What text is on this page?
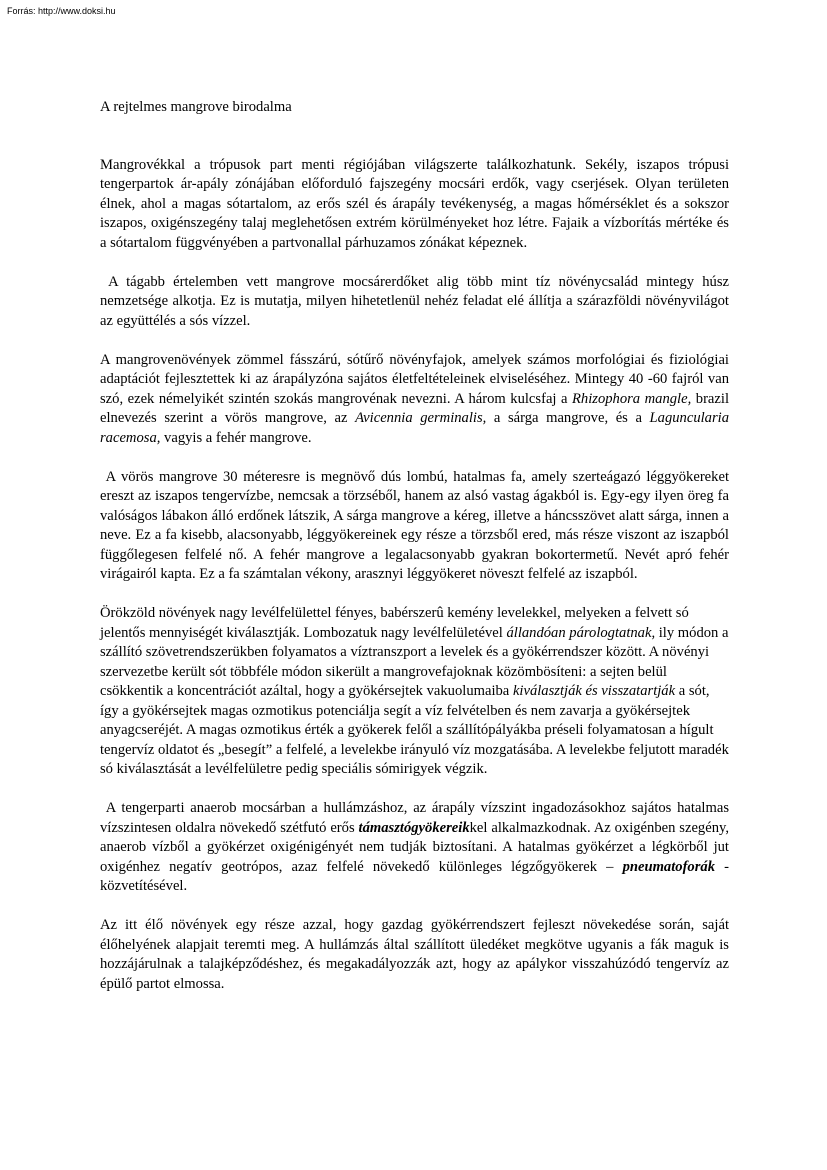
Forrás: http://www.doksi.hu
A rejtelmes mangrove birodalma

Mangrovékkal a trópusok part menti régiójában világszerte találkozhatunk. Sekély, iszapos trópusi tengerpartok ár-apály zónájában előforduló fajszegény mocsári erdők, vagy cserjések. Olyan területen élnek, ahol a magas sótartalom, az erős szél és árapály tevékenység, a magas hőmérséklet és a sokszor iszapos, oxigénszegény talaj meglehetősen extrém körülményeket hoz létre. Fajaik a vízborítás mértéke és a sótartalom függvényében a partvonallal párhuzamos zónákat képeznek.

A tágabb értelemben vett mangrove mocsárerdőket alig több mint tíz növénycsalád mintegy húsz nemzetsége alkotja. Ez is mutatja, milyen hihetetlenül nehéz feladat elé állítja a szárazföldi növényvilágot az együttélés a sós vízzel.

A mangrovenövények zömmel fásszárú, sótűrő növényfajok, amelyek számos morfológiai és fiziológiai adaptációt fejlesztettek ki az árapályzóna sajátos életfeltételeinek elviseléséhez. Mintegy 40 -60 fajról van szó, ezek némelyikét szintén szokás mangrovénak nevezni. A három kulcsfaj a Rhizophora mangle, brazil elnevezés szerint a vörös mangrove, az Avicennia germinalis, a sárga mangrove, és a Laguncularia racemosa, vagyis a fehér mangrove.

A vörös mangrove 30 méteresre is megnövő dús lombú, hatalmas fa, amely szerteágazó léggyökereket ereszt az iszapos tengervízbe, nemcsak a törzséből, hanem az alsó vastag ágakból is. Egy-egy ilyen öreg fa valóságos lábakon álló erdőnek látszik, A sárga mangrove a kéreg, illetve a háncsszövet alatt sárga, innen a neve. Ez a fa kisebb, alacsonyabb, léggyökereinek egy része a törzsből ered, más része viszont az iszapból függőlegesen felfelé nő. A fehér mangrove a legalacsonyabb gyakran bokortermetű. Nevét apró fehér virágairól kapta. Ez a fa számtalan vékony, arasznyi léggyökeret növeszt felfelé az iszapból.

Örökzöld növények nagy levélfelülettel fényes, babérszerû kemény levelekkel, melyeken a felvett só jelentős mennyiségét kiválasztják. Lombozatuk nagy levélfelületével állandóan párologtatnak, ily módon a szállító szövetrendszerükben folyamatos a víztranszport a levelek és a gyökérrendszer között. A növényi szervezetbe került sót többféle módon sikerült a mangrovefajoknak közömbösíteni: a sejten belül csökkentik a koncentrációt azáltal, hogy a gyökérsejtek vakuolumaiba kiválasztják és visszatartják a sót, így a gyökérsejtek magas ozmotikus potenciálja segít a víz felvételben és nem zavarja a gyökérsejtek anyagcseréjét. A magas ozmotikus érték a gyökerek felől a szállítópályákba préseli folyamatosan a hígult tengervíz oldatot és „besegít” a felfelé, a levelekbe irányuló víz mozgatásába. A levelekbe feljutott maradék só kiválasztását a levélfelületre pedig speciális sómirigyek végzik.

A tengerparti anaerob mocsárban a hullámzáshoz, az árapály vízszint ingadozásokhoz sajátos hatalmas vízszintesen oldalra növekedő szétfutó erős támasztógyökereikkel alkalmazkodnak. Az oxigénben szegény, anaerob vízből a gyökérzet oxigénigényét nem tudják biztosítani. A hatalmas gyökérzet a légkörből jut oxigénhez negatív geotrópos, azaz felfelé növekedő különleges légzőgyökerek – pneumatoforák - közvetítésével.

Az itt élő növények egy része azzal, hogy gazdag gyökérrendszert fejleszt növekedése során, saját élőhelyének alapjait teremti meg. A hullámzás által szállított üledéket megkötve ugyanis a fák maguk is hozzájárulnak a talajképződéshez, és megakadályozzák azt, hogy az apálykor visszahúzódó tengervíz az épülő partot elmossa.
